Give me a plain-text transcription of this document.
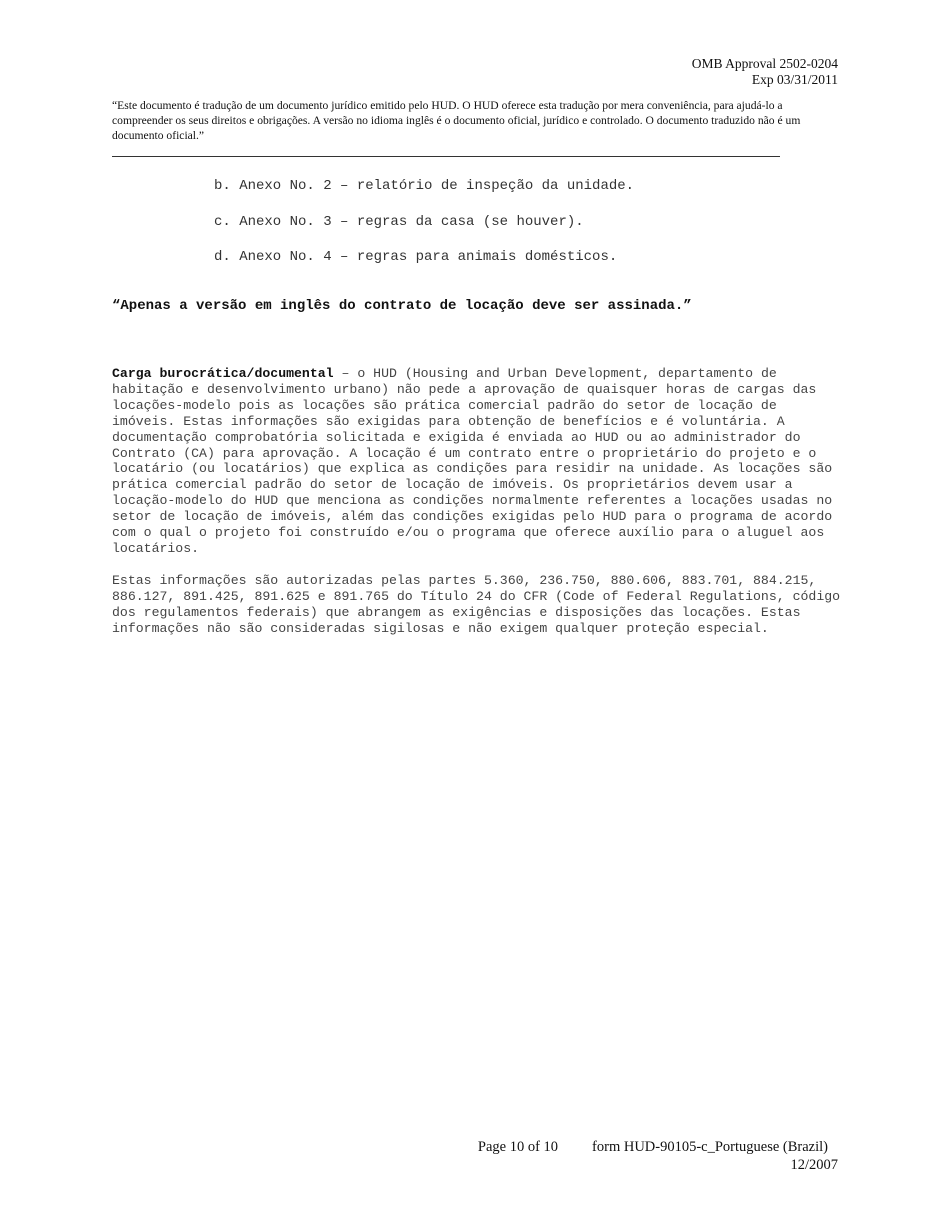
OMB Approval 2502-0204
Exp 03/31/2011
“Este documento é tradução de um documento jurídico emitido pelo HUD. O HUD oferece esta tradução por mera conveniência, para ajudá-lo a compreender os seus direitos e obrigações. A versão no idioma inglês é o documento oficial, jurídico e controlado. O documento traduzido não é um documento oficial.”
b. Anexo No. 2 – relatório de inspeção da unidade.
c. Anexo No. 3 – regras da casa (se houver).
d. Anexo No. 4 – regras para animais domésticos.
“Apenas a versão em inglês do contrato de locação deve ser assinada.”

Carga burocrática/documental – o HUD (Housing and Urban Development, departamento de habitação e desenvolvimento urbano) não pede a aprovação de quaisquer horas de cargas das locações-modelo pois as locações são prática comercial padrão do setor de locação de imóveis. Estas informações são exigidas para obtenção de benefícios e é voluntária. A documentação comprobatória solicitada e exigida é enviada ao HUD ou ao administrador do Contrato (CA) para aprovação. A locação é um contrato entre o proprietário do projeto e o locatário (ou locatários) que explica as condições para residir na unidade. As locações são prática comercial padrão do setor de locação de imóveis. Os proprietários devem usar a locação-modelo do HUD que menciona as condições normalmente referentes a locações usadas no setor de locação de imóveis, além das condições exigidas pelo HUD para o programa de acordo com o qual o projeto foi construído e/ou o programa que oferece auxílio para o aluguel aos locatários.

Estas informações são autorizadas pelas partes 5.360, 236.750, 880.606, 883.701, 884.215, 886.127, 891.425, 891.625 e 891.765 do Título 24 do CFR (Code of Federal Regulations, código dos regulamentos federais) que abrangem as exigências e disposições das locações. Estas informações não são consideradas sigilosas e não exigem qualquer proteção especial.

Page 10 of 10 form HUD-90105-c_Portuguese (Brazil)
12/2007
